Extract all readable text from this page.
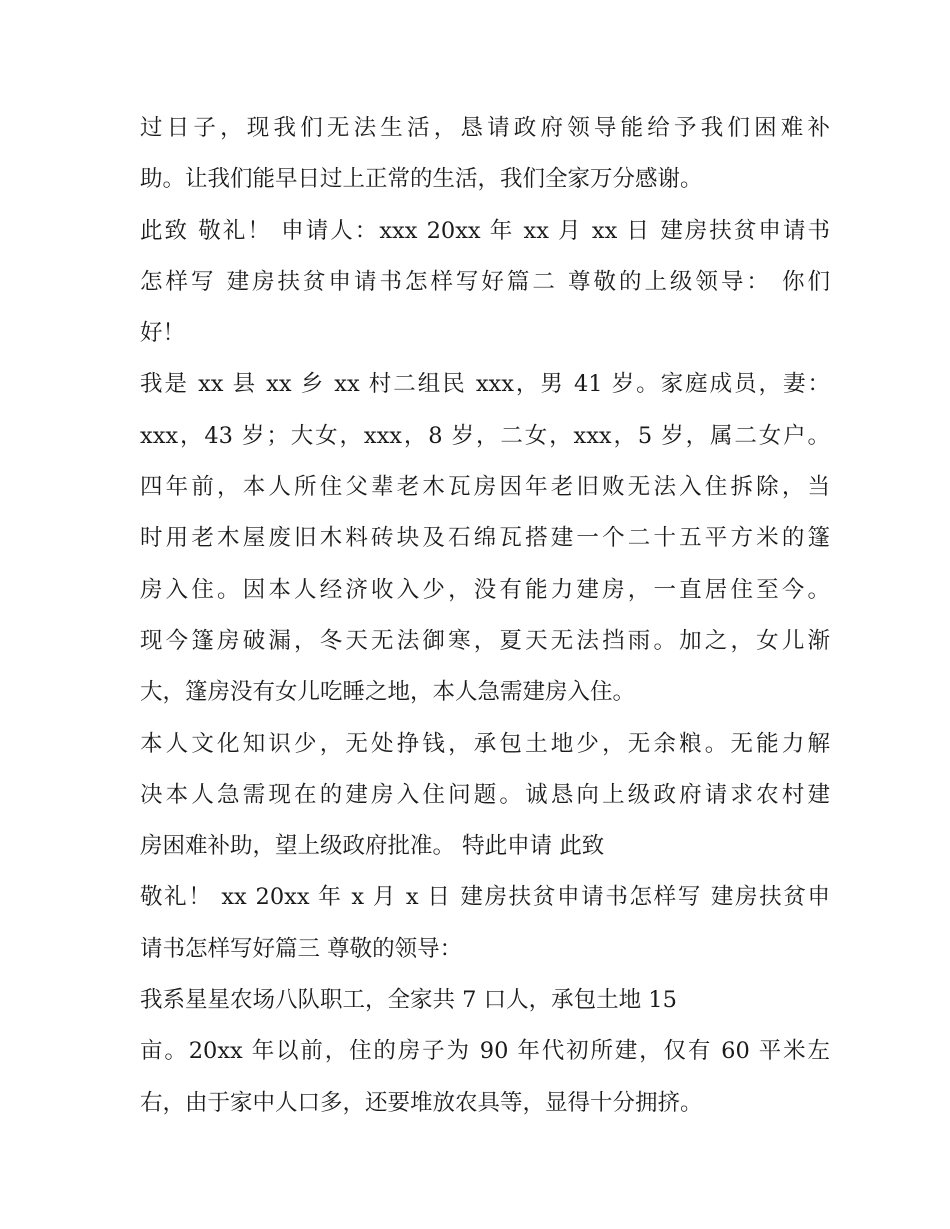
过日子，现我们无法生活，恳请政府领导能给予我们困难补
助。让我们能早日过上正常的生活，我们全家万分感谢。
此致 敬礼！ 申请人：xxx 20xx 年 xx 月 xx 日 建房扶贫申请书
怎样写 建房扶贫申请书怎样写好篇二 尊敬的上级领导： 你们
好！
我是 xx 县 xx 乡 xx 村二组民 xxx，男 41 岁。家庭成员，妻：
xxx，43 岁；大女，xxx，8 岁，二女，xxx，5 岁，属二女户。
四年前，本人所住父辈老木瓦房因年老旧败无法入住拆除，当
时用老木屋废旧木料砖块及石绵瓦搭建一个二十五平方米的篷
房入住。因本人经济收入少，没有能力建房，一直居住至今。
现今篷房破漏，冬天无法御寒，夏天无法挡雨。加之，女儿渐
大，篷房没有女儿吃睡之地，本人急需建房入住。
本人文化知识少，无处挣钱，承包土地少，无余粮。无能力解
决本人急需现在的建房入住问题。诚恳向上级政府请求农村建
房困难补助，望上级政府批准。 特此申请 此致
敬礼！ xx 20xx 年 x 月 x 日 建房扶贫申请书怎样写 建房扶贫申
请书怎样写好篇三 尊敬的领导：
我系星星农场八队职工，全家共 7 口人，承包土地 15
亩。20xx 年以前，住的房子为 90 年代初所建，仅有 60 平米左
右，由于家中人口多，还要堆放农具等，显得十分拥挤。
